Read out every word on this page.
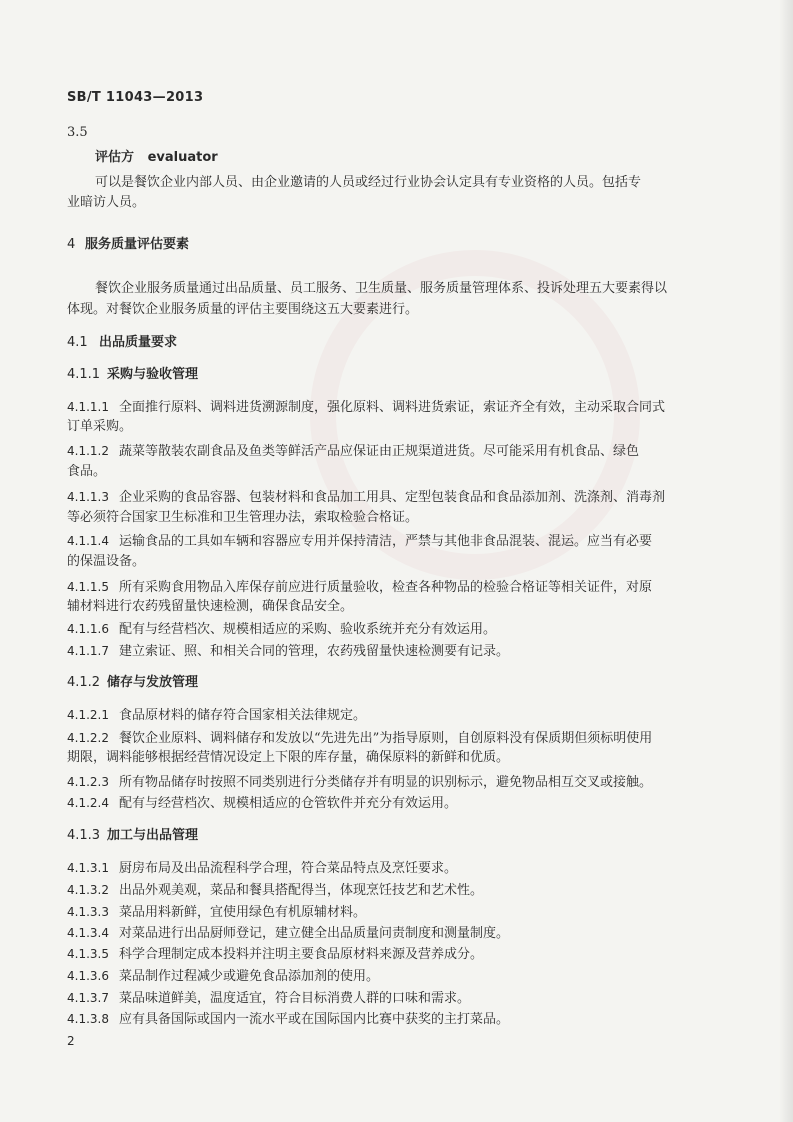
SB/T 11043—2013
3.5
评估方 evaluator
可以是餐饮企业内部人员、由企业邀请的人员或经过行业协会认定具有专业资格的人员。包括专
业暗访人员。
4 服务质量评估要素
餐饮企业服务质量通过出品质量、员工服务、卫生质量、服务质量管理体系、投诉处理五大要素得以
体现。对餐饮企业服务质量的评估主要围绕这五大要素进行。
4.1 出品质量要求
4.1.1 采购与验收管理
4.1.1.1 全面推行原料、调料进货溯源制度，强化原料、调料进货索证，索证齐全有效，主动采取合同式
订单采购。
4.1.1.2 蔬菜等散装农副食品及鱼类等鲜活产品应保证由正规渠道进货。尽可能采用有机食品、绿色
食品。
4.1.1.3 企业采购的食品容器、包装材料和食品加工用具、定型包装食品和食品添加剂、洗涤剂、消毒剂
等必须符合国家卫生标准和卫生管理办法，索取检验合格证。
4.1.1.4 运输食品的工具如车辆和容器应专用并保持清洁，严禁与其他非食品混装、混运。应当有必要
的保温设备。
4.1.1.5 所有采购食用物品入库保存前应进行质量验收，检查各种物品的检验合格证等相关证件，对原
辅材料进行农药残留量快速检测，确保食品安全。
4.1.1.6 配有与经营档次、规模相适应的采购、验收系统并充分有效运用。
4.1.1.7 建立索证、照、和相关合同的管理，农药残留量快速检测要有记录。
4.1.2 储存与发放管理
4.1.2.1 食品原材料的储存符合国家相关法律规定。
4.1.2.2 餐饮企业原料、调料储存和发放以“先进先出”为指导原则，自创原料没有保质期但须标明使用
期限，调料能够根据经营情况设定上下限的库存量，确保原料的新鲜和优质。
4.1.2.3 所有物品储存时按照不同类别进行分类储存并有明显的识别标示，避免物品相互交叉或接触。
4.1.2.4 配有与经营档次、规模相适应的仓管软件并充分有效运用。
4.1.3 加工与出品管理
4.1.3.1 厨房布局及出品流程科学合理，符合菜品特点及烹饪要求。
4.1.3.2 出品外观美观，菜品和餐具搭配得当，体现烹饪技艺和艺术性。
4.1.3.3 菜品用料新鲜，宜使用绿色有机原辅材料。
4.1.3.4 对菜品进行出品厨师登记，建立健全出品质量问责制度和测量制度。
4.1.3.5 科学合理制定成本投料并注明主要食品原材料来源及营养成分。
4.1.3.6 菜品制作过程减少或避免食品添加剂的使用。
4.1.3.7 菜品味道鲜美，温度适宜，符合目标消费人群的口味和需求。
4.1.3.8 应有具备国际或国内一流水平或在国际国内比赛中获奖的主打菜品。
2
